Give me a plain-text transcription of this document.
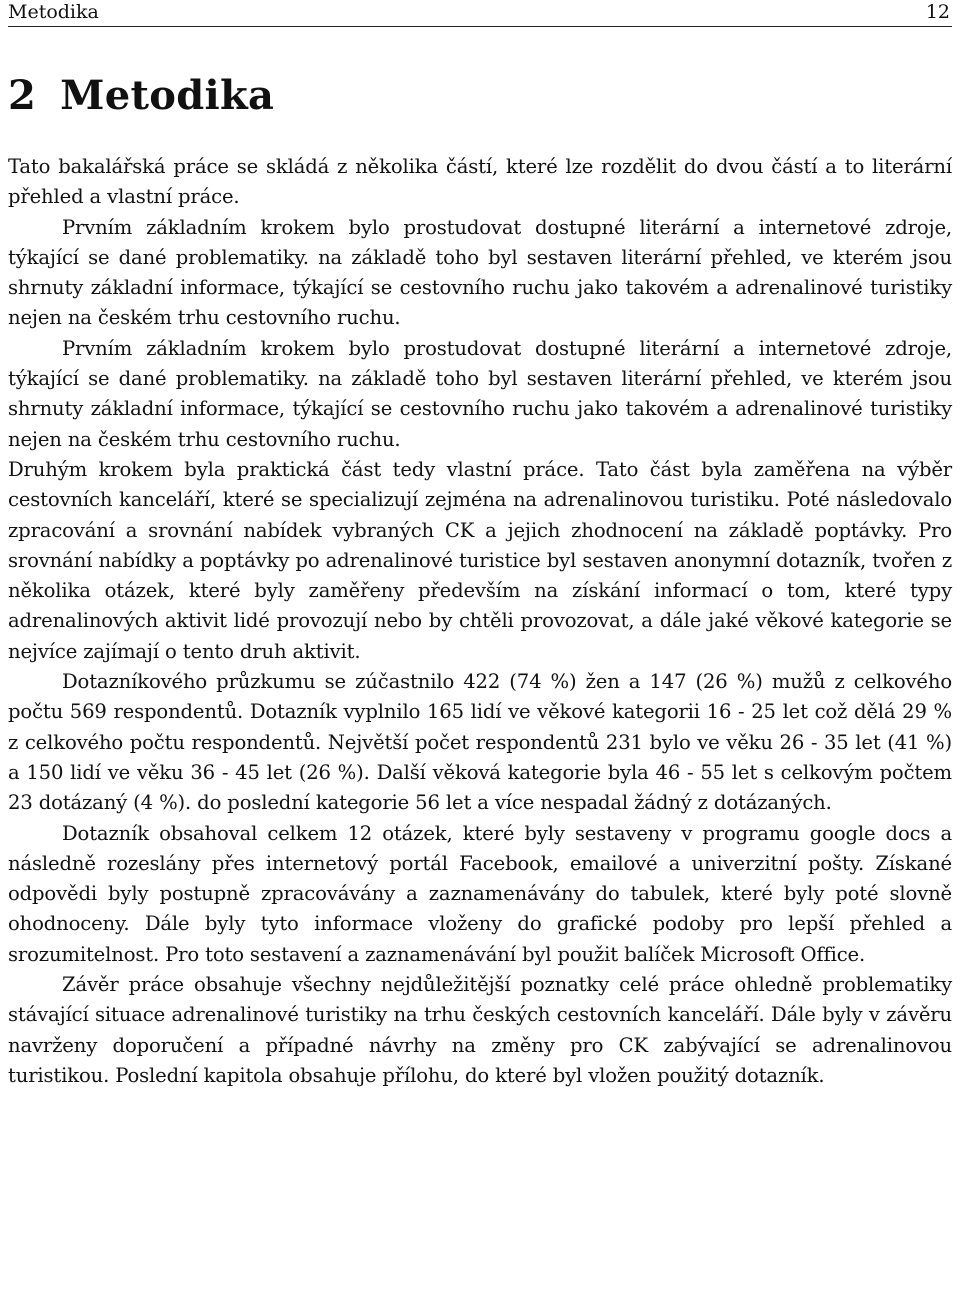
Metodika	12
2 Metodika

Tato bakalářská práce se skládá z několika částí, které lze rozdělit do dvou částí a to literární přehled a vlastní práce.

Prvním základním krokem bylo prostudovat dostupné literární a internetové zdroje, týkající se dané problematiky. na základě toho byl sestaven literární přehled, ve kterém jsou shrnuty základní informace, týkající se cestovního ruchu jako takovém a adrenalinové turistiky nejen na českém trhu cestovního ruchu.

Prvním základním krokem bylo prostudovat dostupné literární a internetové zdroje, týkající se dané problematiky. na základě toho byl sestaven literární přehled, ve kterém jsou shrnuty základní informace, týkající se cestovního ruchu jako takovém a adrenalinové turistiky nejen na českém trhu cestovního ruchu.

Druhým krokem byla praktická část tedy vlastní práce. Tato část byla zaměřena na výběr cestovních kanceláří, které se specializují zejména na adrenalinovou turistiku. Poté následovalo zpracování a srovnání nabídek vybraných CK a jejich zhodnocení na základě poptávky. Pro srovnání nabídky a poptávky po adrenalinové turistice byl sestaven anonymní dotazník, tvořen z několika otázek, které byly zaměřeny především na získání informací o tom, které typy adrenalinových aktivit lidé provozují nebo by chtěli provozovat, a dále jaké věkové kategorie se nejvíce zajímají o tento druh aktivit.

Dotazníkového průzkumu se zúčastnilo 422 (74 %) žen a 147 (26 %) mužů z celkového počtu 569 respondentů. Dotazník vyplnilo 165 lidí ve věkové kategorii 16 - 25 let což dělá 29 % z celkového počtu respondentů. Největší počet respondentů 231 bylo ve věku 26 - 35 let (41 %) a 150 lidí ve věku 36 - 45 let (26 %). Další věková kategorie byla 46 - 55 let s celkovým počtem 23 dotázaný (4 %). do poslední kategorie 56 let a více nespadal žádný z dotázaných.

Dotazník obsahoval celkem 12 otázek, které byly sestaveny v programu google docs a následně rozeslány přes internetový portál Facebook, emailové a univerzitní pošty. Získané odpovědi byly postupně zpracovávány a zaznamenávány do tabulek, které byly poté slovně ohodnoceny. Dále byly tyto informace vloženy do grafické podoby pro lepší přehled a srozumitelnost. Pro toto sestavení a zaznamenávání byl použit balíček Microsoft Office.

Závěr práce obsahuje všechny nejdůležitější poznatky celé práce ohledně problematiky stávající situace adrenalinové turistiky na trhu českých cestovních kanceláří. Dále byly v závěru navrženy doporučení a případné návrhy na změny pro CK zabývající se adrenalinovou turistikou. Poslední kapitola obsahuje přílohu, do které byl vložen použitý dotazník.
